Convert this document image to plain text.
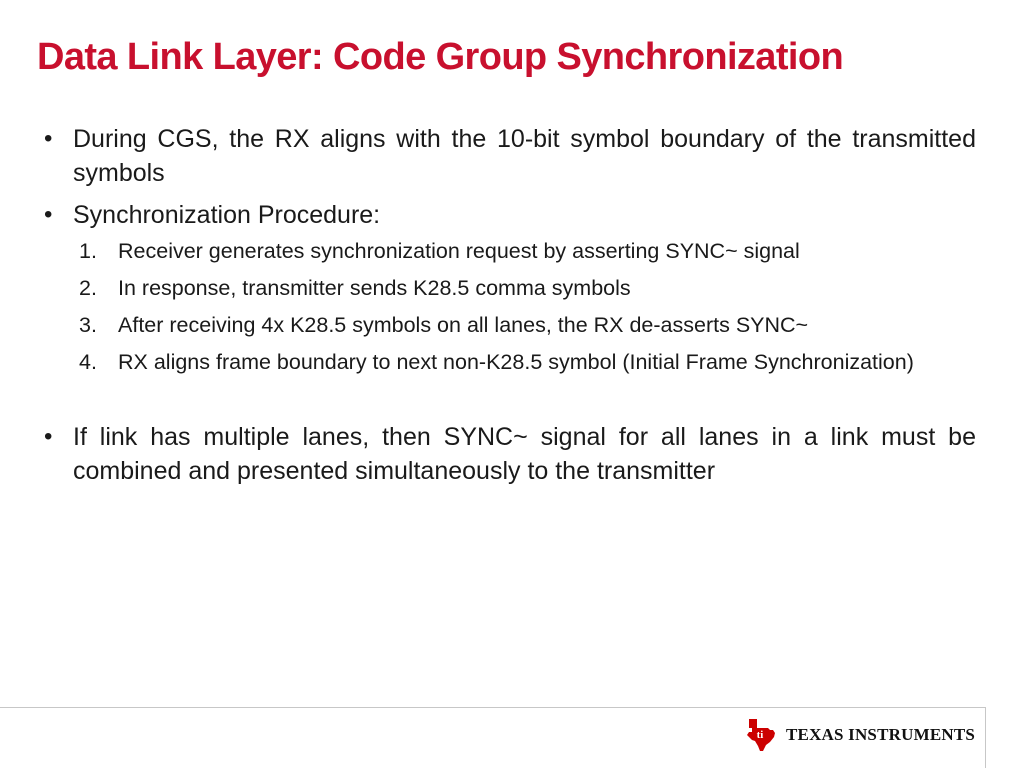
Data Link Layer: Code Group Synchronization
• During CGS, the RX aligns with the 10-bit symbol boundary of the transmitted symbols
• Synchronization Procedure:
1. Receiver generates synchronization request by asserting SYNC~ signal
2. In response, transmitter sends K28.5 comma symbols
3. After receiving 4x K28.5 symbols on all lanes, the RX de-asserts SYNC~
4. RX aligns frame boundary to next non-K28.5 symbol (Initial Frame Synchronization)
• If link has multiple lanes, then SYNC~ signal for all lanes in a link must be combined and presented simultaneously to the transmitter
ti TEXAS INSTRUMENTS
